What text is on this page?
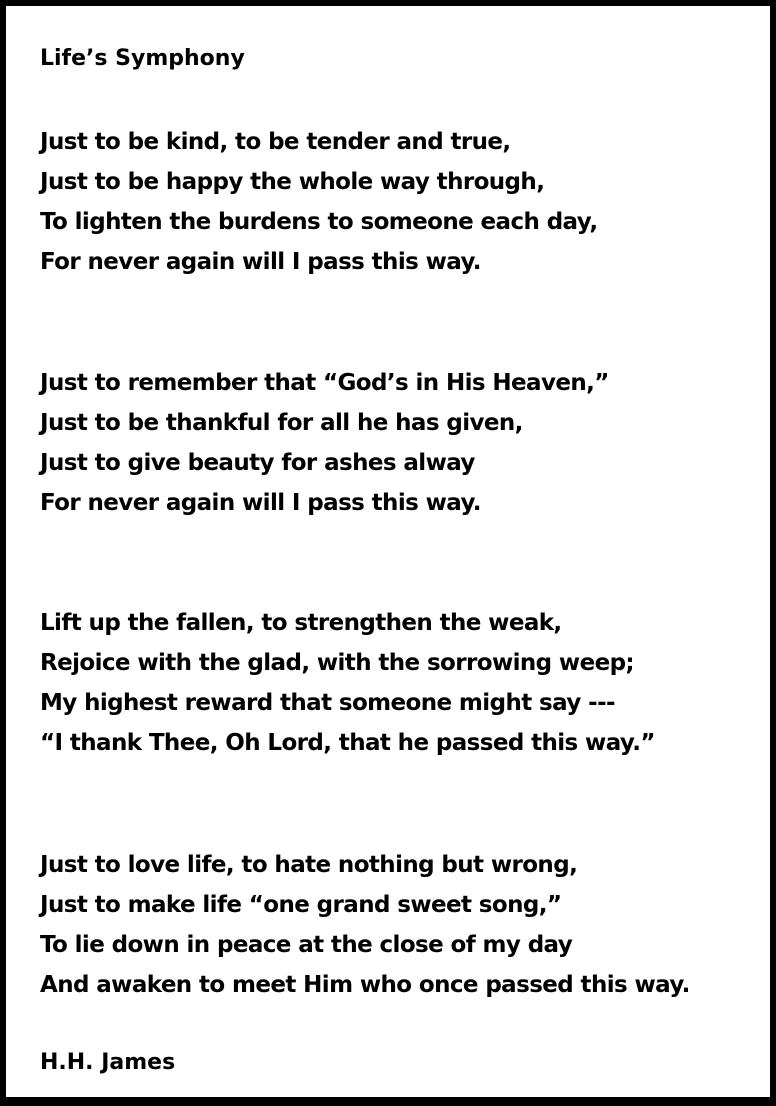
Life’s Symphony
Just to be kind, to be tender and true,
Just to be happy the whole way through,
To lighten the burdens to someone each day,
For never again will I pass this way.
Just to remember that “God’s in His Heaven,”
Just to be thankful for all he has given,
Just to give beauty for ashes alway
For never again will I pass this way.
Lift up the fallen, to strengthen the weak,
Rejoice with the glad, with the sorrowing weep;
My highest reward that someone might say ---
“I thank Thee, Oh Lord, that he passed this way.”
Just to love life, to hate nothing but wrong,
Just to make life “one grand sweet song,”
To lie down in peace at the close of my day
And awaken to meet Him who once passed this way.
H.H. James
